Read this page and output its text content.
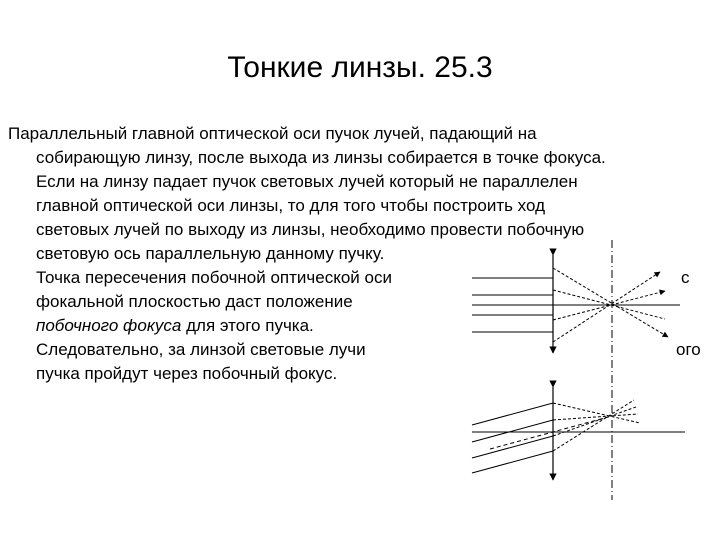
Тонкие линзы. 25.3
Параллельный главной оптической оси пучок лучей, падающий на
собирающую линзу, после выхода из линзы собирается в точке фокуса.
Если на линзу падает пучок световых лучей который не параллелен
главной оптической оси линзы, то для того чтобы построить ход
световых лучей по выходу из линзы, необходимо провести побочную
световую ось параллельную данному пучку.
Точка пересечения побочной оптической оси	с
фокальной плоскостью даст положение
побочного фокуса для этого пучка.
Следовательно, за линзой световые лучи	ого
пучка пройдут через побочный фокус.
